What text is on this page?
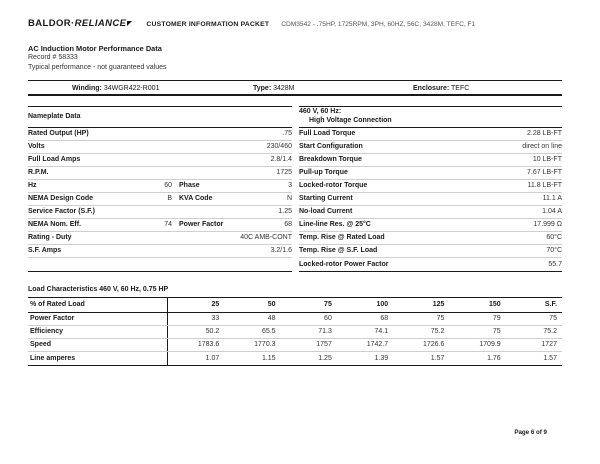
BALDOR·RELIANCE	CUSTOMER INFORMATION PACKET CDM3542 - .75HP, 1725RPM, 3PH, 60HZ, 56C, 3428M, TEFC, F1
AC Induction Motor Performance Data
Record # 58333
Typical performance - not guaranteed values
Winding: 34WGR422-R001	Type: 3428M	Enclosure: TEFC
Nameplate Data
Rated Output (HP)	.75
Volts	230/460
Full Load Amps	2.8/1.4
R.P.M.	1725
Hz	60 Phase	3
NEMA Design Code	B KVA Code	N
Service Factor (S.F.)	1.25
NEMA Nom. Eff.	74 Power Factor	68
Rating - Duty	40C AMB-CONT
S.F. Amps	3.2/1.6
460 V, 60 Hz:
High Voltage Connection
Full Load Torque	2.28 LB-FT
Start Configuration	direct on line
Breakdown Torque	10 LB-FT
Pull-up Torque	7.67 LB-FT
Locked-rotor Torque	11.8 LB-FT
Starting Current	11.1 A
No-load Current	1.04 A
Line-line Res. @ 25°C	17.999 Ω
Temp. Rise @ Rated Load	60°C
Temp. Rise @ S.F. Load	70°C
Locked-rotor Power Factor	55.7
Load Characteristics 460 V, 60 Hz, 0.75 HP
% of Rated Load	25	50	75	100	125	150	S.F.
Power Factor	33	48	60	68	75	79	75
Efficiency	50.2	65.5	71.3	74.1	75.2	75	75.2
Speed	1783.6	1770.3	1757	1742.7	1726.6	1709.9	1727
Line amperes	1.07	1.15	1.25	1.39	1.57	1.76	1.57
Page 6 of 9
